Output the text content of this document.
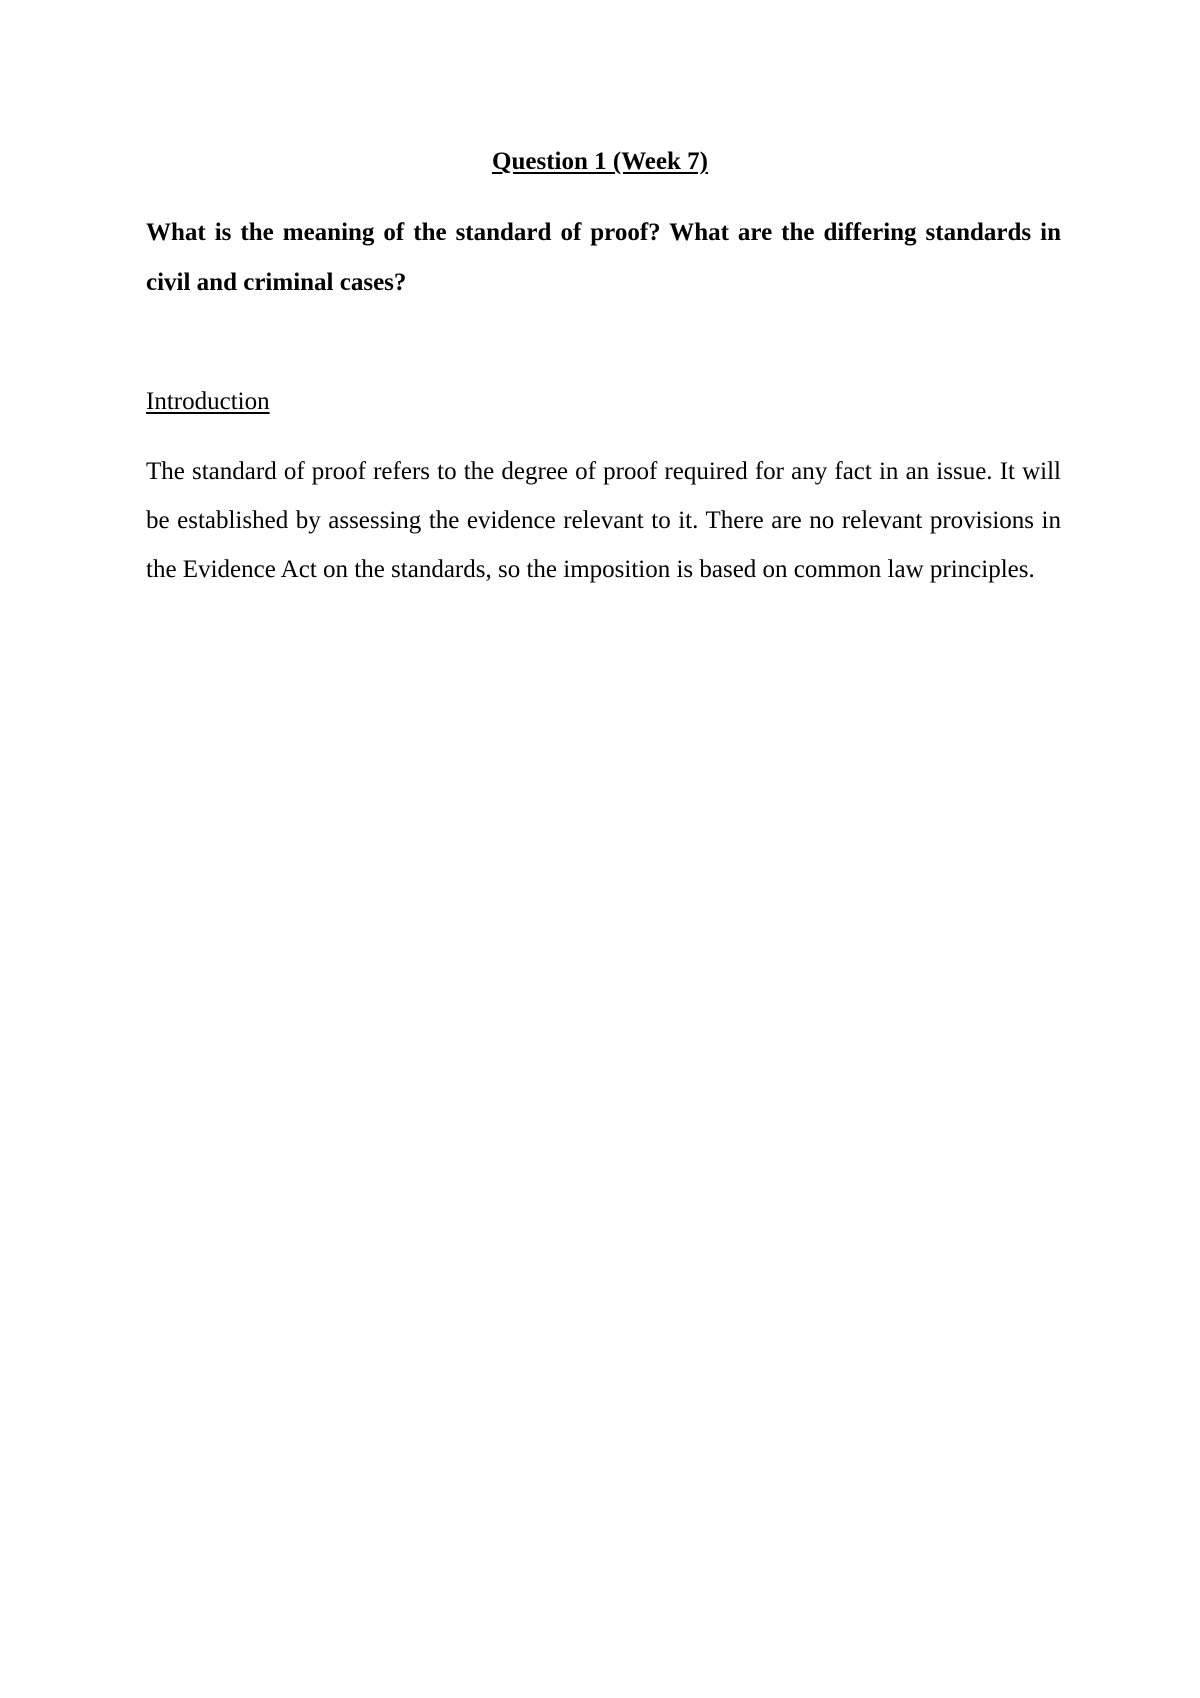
Question 1 (Week 7)

What is the meaning of the standard of proof? What are the differing standards in civil and criminal cases?

Introduction

The standard of proof refers to the degree of proof required for any fact in an issue. It will be established by assessing the evidence relevant to it. There are no relevant provisions in the Evidence Act on the standards, so the imposition is based on common law principles.
